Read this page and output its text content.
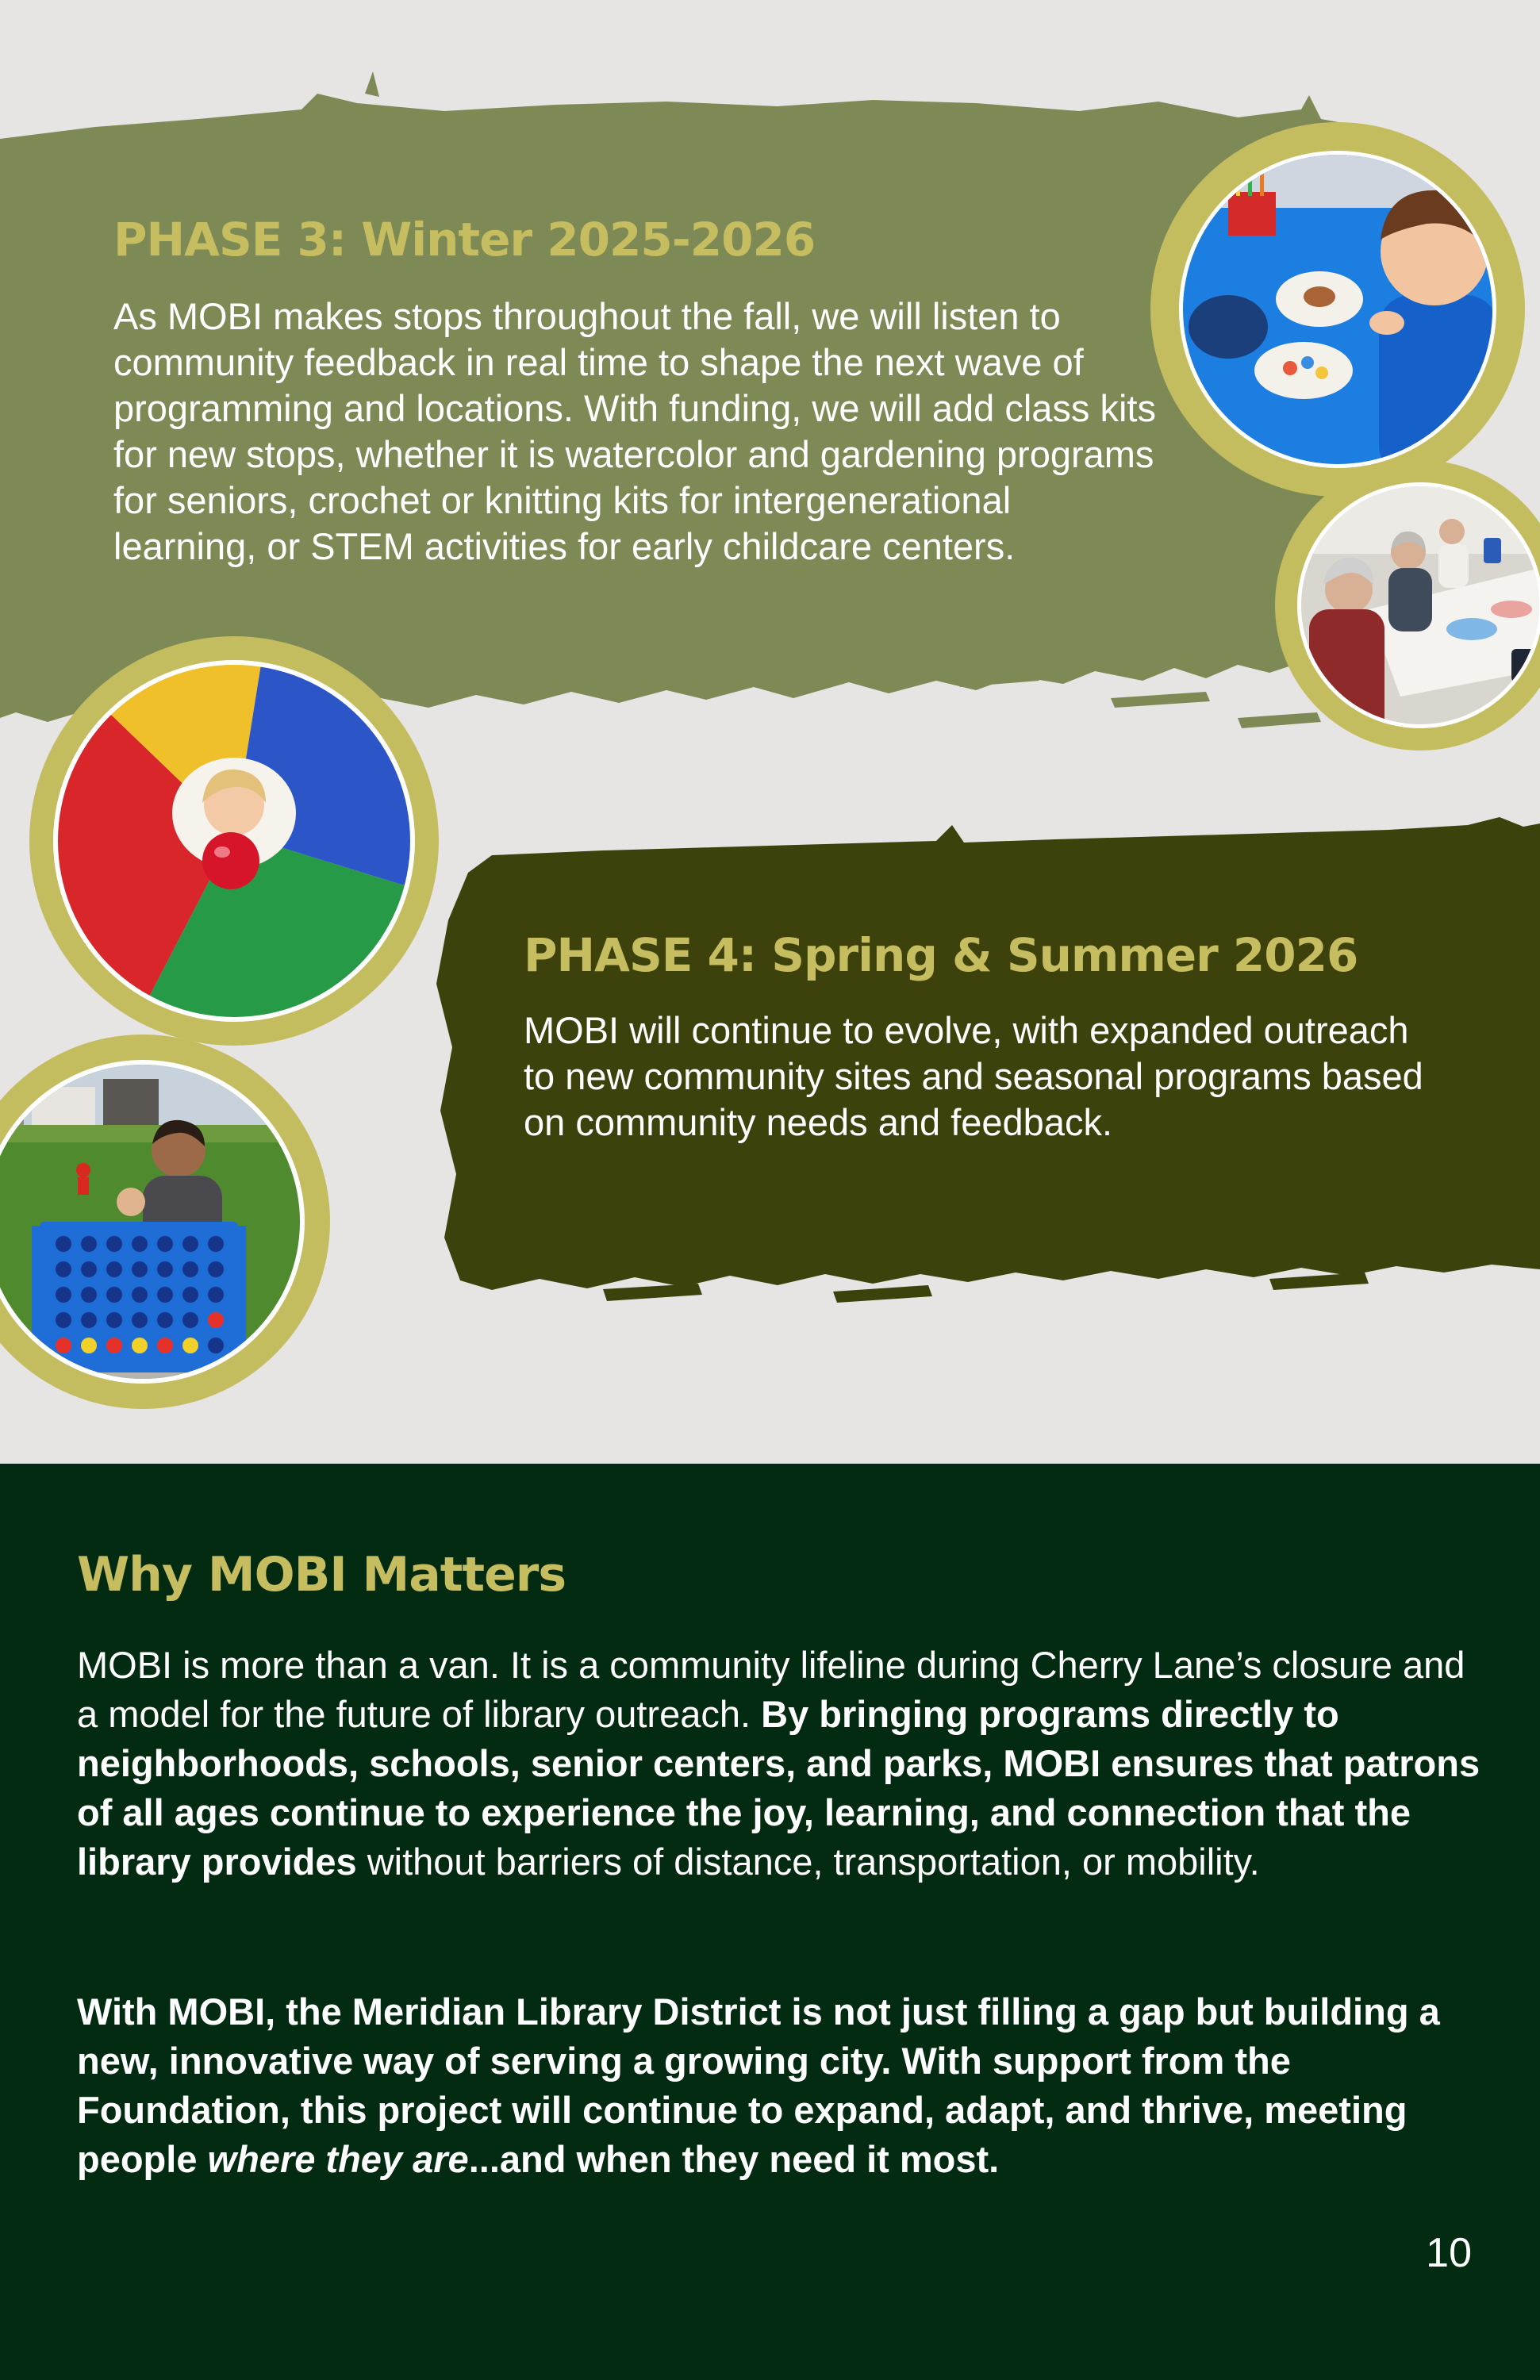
PHASE 3: Winter 2025-2026

As MOBI makes stops throughout the fall, we will listen to community feedback in real time to shape the next wave of programming and locations. With funding, we will add class kits for new stops, whether it is watercolor and gardening programs for seniors, crochet or knitting kits for intergenerational learning, or STEM activities for early childcare centers.

PHASE 4: Spring & Summer 2026

MOBI will continue to evolve, with expanded outreach to new community sites and seasonal programs based on community needs and feedback.

Why MOBI Matters

MOBI is more than a van. It is a community lifeline during Cherry Lane’s closure and a model for the future of library outreach. By bringing programs directly to neighborhoods, schools, senior centers, and parks, MOBI ensures that patrons of all ages continue to experience the joy, learning, and connection that the library provides without barriers of distance, transportation, or mobility.

With MOBI, the Meridian Library District is not just filling a gap but building a new, innovative way of serving a growing city. With support from the Foundation, this project will continue to expand, adapt, and thrive, meeting people where they are...and when they need it most.

10
